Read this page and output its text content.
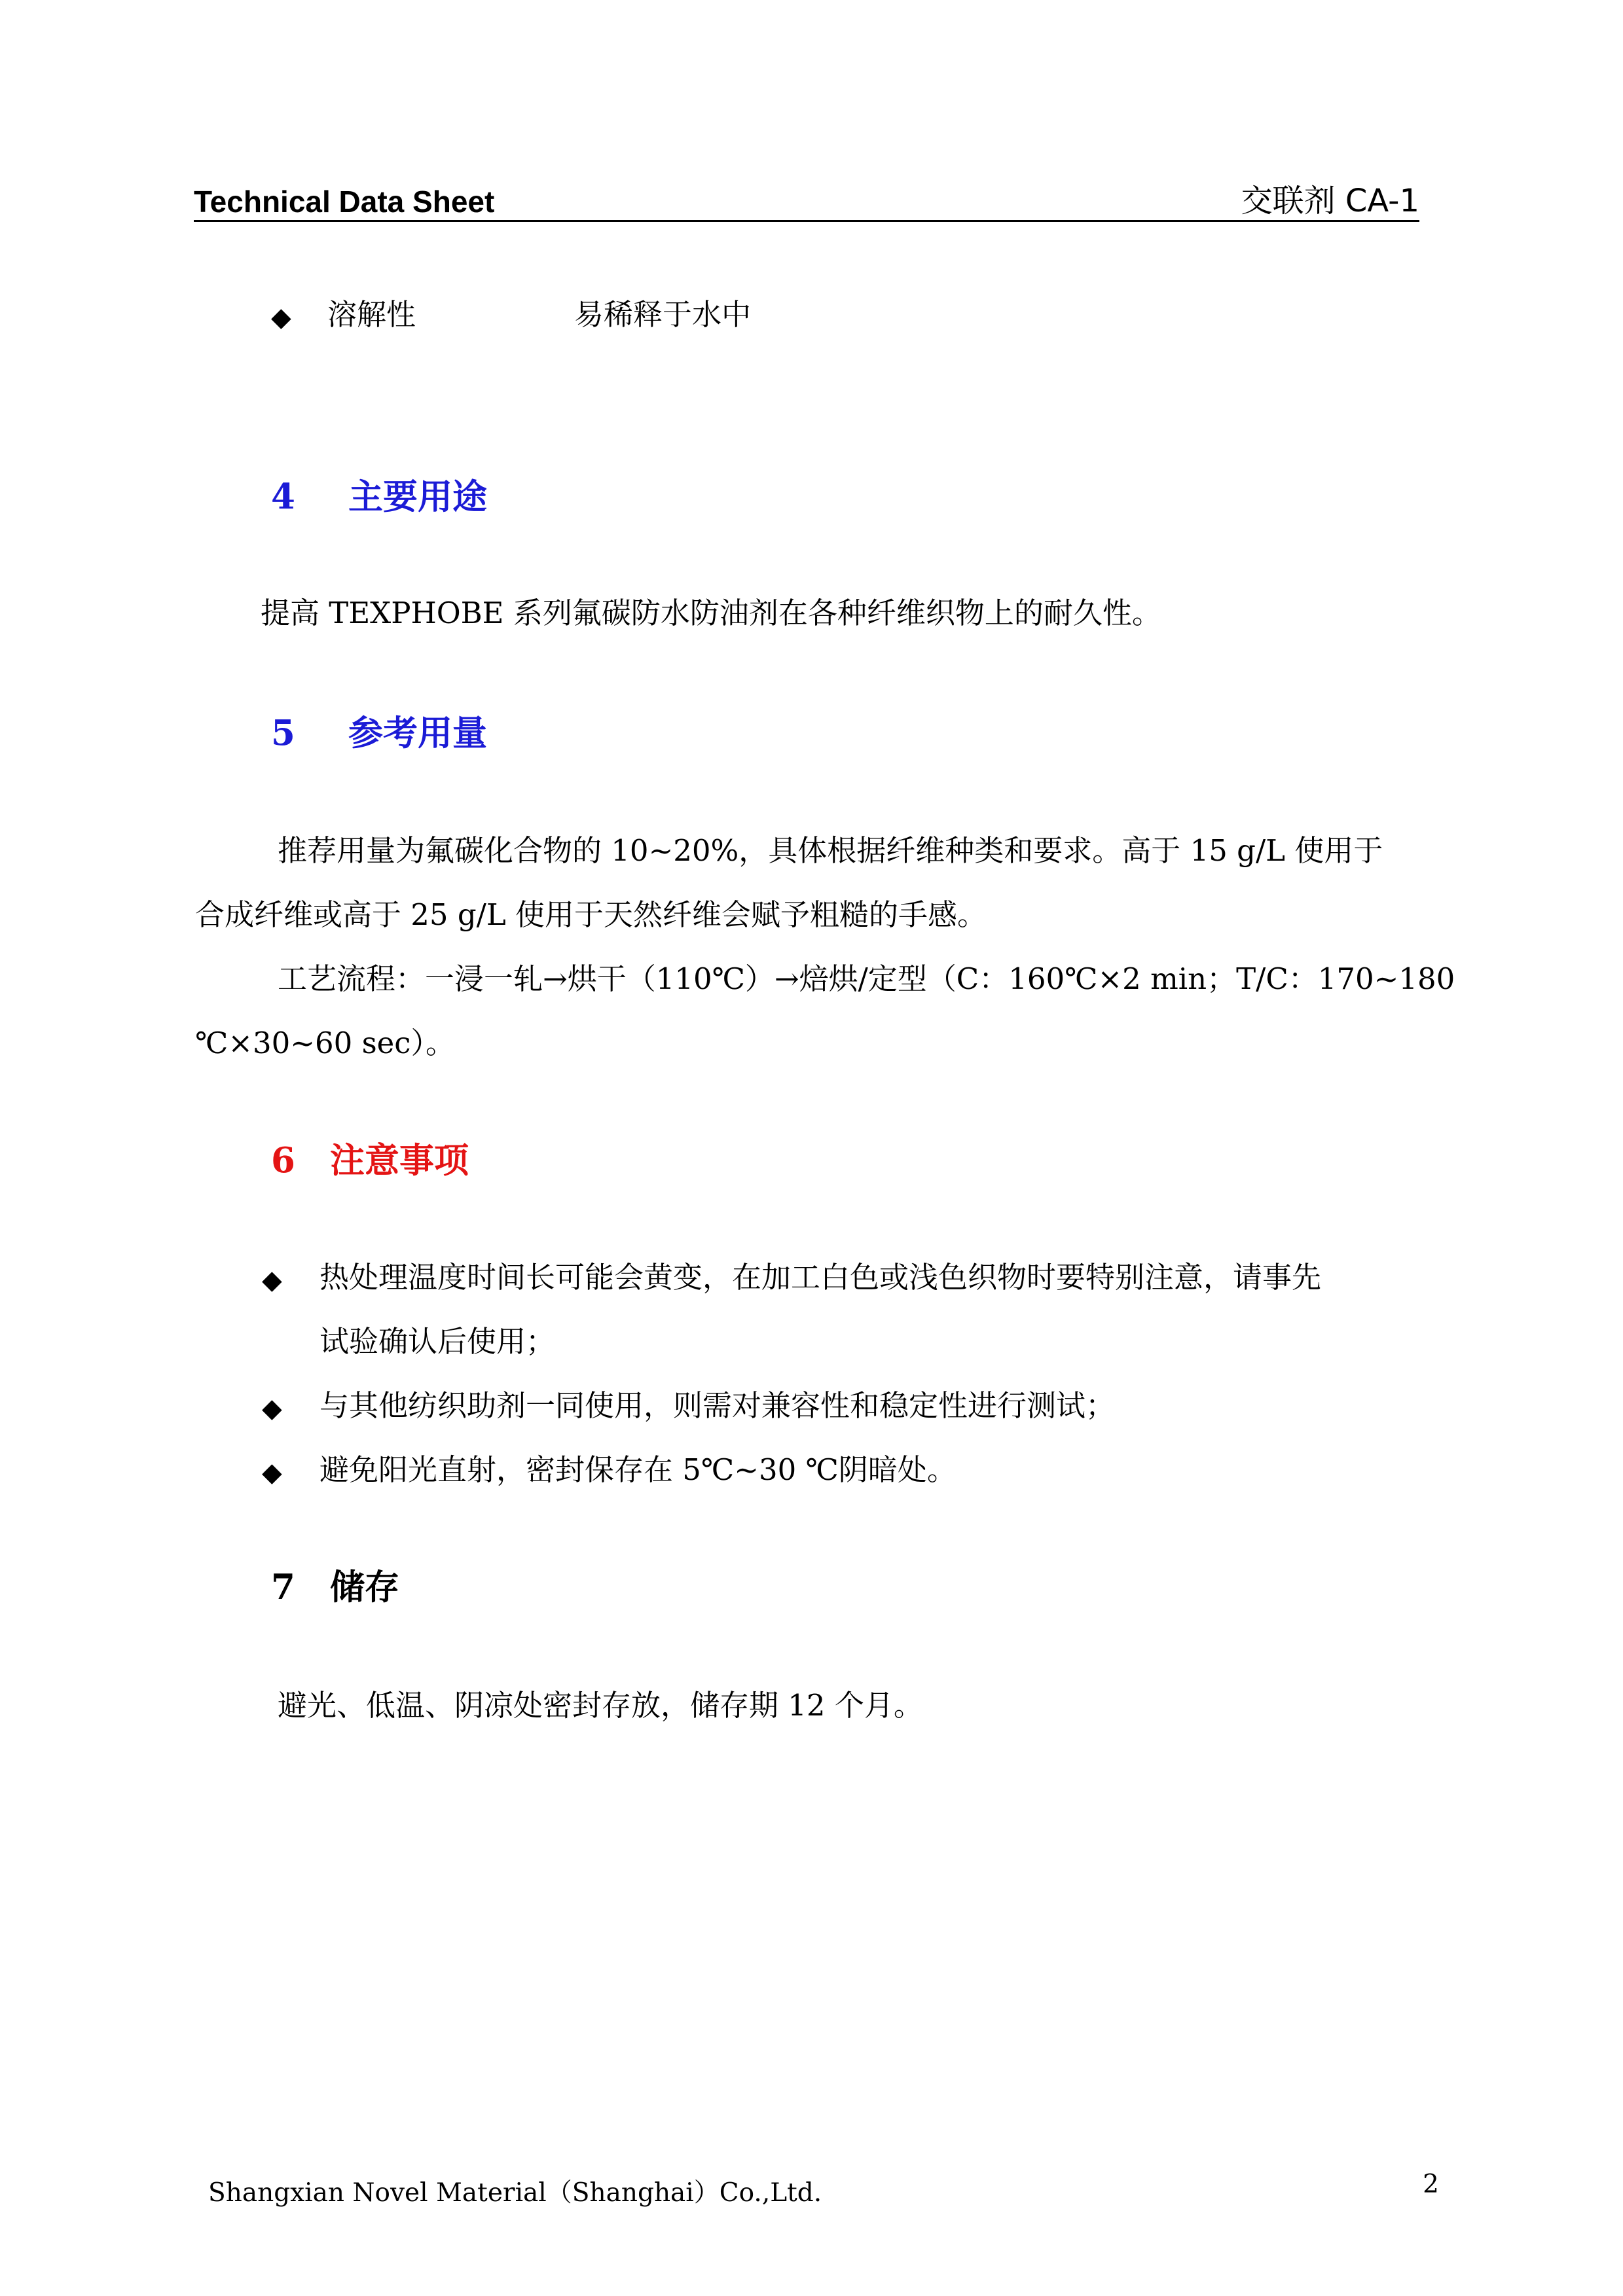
Technical Data Sheet	交联剂 CA-1
◆ 溶解性	易稀释于水中
4 主要用途
提高 TEXPHOBE 系列氟碳防水防油剂在各种纤维织物上的耐久性。
5 参考用量
推荐用量为氟碳化合物的 10~20%，具体根据纤维种类和要求。高于 15 g/L 使用于
合成纤维或高于 25 g/L 使用于天然纤维会赋予粗糙的手感。
工艺流程：一浸一轧→烘干（110℃）→焙烘/定型（C：160℃×2 min；T/C：170~180
℃×30~60 sec）。
6 注意事项
◆ 热处理温度时间长可能会黄变，在加工白色或浅色织物时要特别注意，请事先
试验确认后使用；
◆ 与其他纺织助剂一同使用，则需对兼容性和稳定性进行测试；
◆ 避免阳光直射，密封保存在 5℃~30 ℃阴暗处。
7 储存
避光、低温、阴凉处密封存放，储存期 12 个月。
Shangxian Novel Material（Shanghai）Co.,Ltd.	2
